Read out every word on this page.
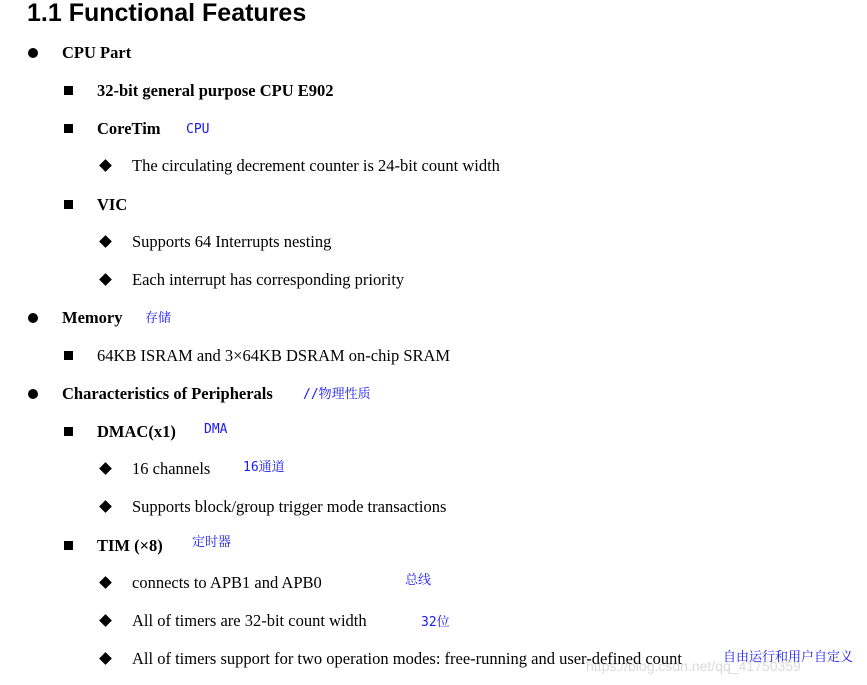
1.1 Functional Features
CPU Part
32-bit general purpose CPU E902
CoreTim CPU
The circulating decrement counter is 24-bit count width
VIC
Supports 64 Interrupts nesting
Each interrupt has corresponding priority
Memory 存储
64KB ISRAM and 3×64KB DSRAM on-chip SRAM
Characteristics of Peripherals //物理性质
DMAC(x1) DMA
16 channels	16通道
Supports block/group trigger mode transactions
TIM (×8) 定时器
connects to APB1 and APB0	总线
All of timers are 32-bit count width	32位
All of timers support for two operation modes: free-running and user-defined count	自由运行和用户自定义
https://blog.csdn.net/qq_41750359
